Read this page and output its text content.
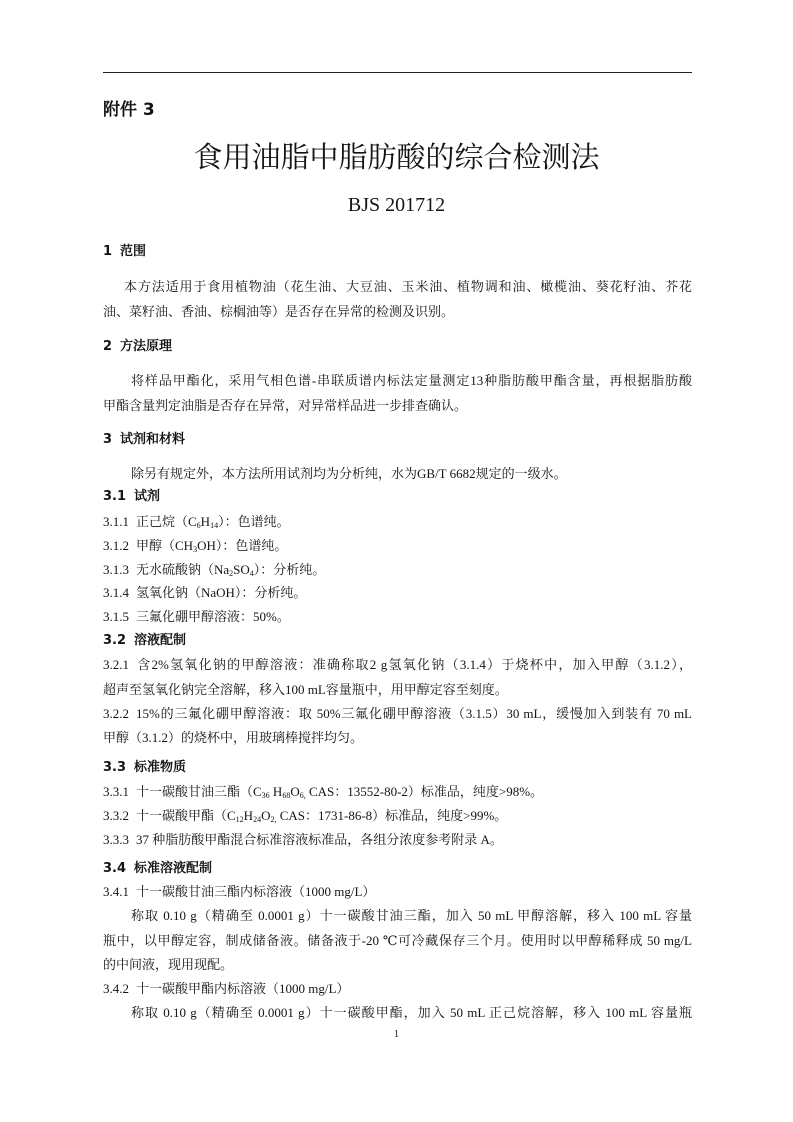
附件 3
食用油脂中脂肪酸的综合检测法
BJS 201712
1 范围
本方法适用于食用植物油（花生油、大豆油、玉米油、植物调和油、橄榄油、葵花籽油、芥花
油、菜籽油、香油、棕榈油等）是否存在异常的检测及识别。
2 方法原理
将样品甲酯化，采用气相色谱-串联质谱内标法定量测定13种脂肪酸甲酯含量，再根据脂肪酸
甲酯含量判定油脂是否存在异常，对异常样品进一步排查确认。
3 试剂和材料
除另有规定外，本方法所用试剂均为分析纯，水为GB/T 6682规定的一级水。
3.1 试剂
3.1.1 正己烷$(C_6H_{14})$：色谱纯。
3.1.2 甲醇$(CH_3OH)$：色谱纯。
3.1.3 无水硫酸钠$(Na_2SO_4)$：分析纯。
3.1.4 氢氧化钠（NaOH）：分析纯。
3.1.5 三氟化硼甲醇溶液：50%。
3.2 溶液配制
3.2.1 含2%氢氧化钠的甲醇溶液：准确称取2 g氢氧化钠（3.1.4）于烧杯中，加入甲醇（3.1.2），
超声至氢氧化钠完全溶解，移入100 mL容量瓶中，用甲醇定容至刻度。
3.2.2 15%的三氟化硼甲醇溶液：取 50%三氟化硼甲醇溶液（3.1.5）30 mL，缓慢加入到装有 70 mL
甲醇（3.1.2）的烧杯中，用玻璃棒搅拌均匀。
3.3 标准物质
3.3.1 十一碳酸甘油三酯（$C_{36}$ $H_{68}O_{6,}$ CAS：13552-80-2）标准品，纯度>98%。
3.3.2 十一碳酸甲酯（$C_{12}H_{24}O_{2,}$ CAS：1731-86-8）标准品，纯度>99%。
3.3.3 37 种脂肪酸甲酯混合标准溶液标准品，各组分浓度参考附录 A。
3.4 标准溶液配制
3.4.1 十一碳酸甘油三酯内标溶液（1000 mg/L）
称取 0.10 g（精确至 0.0001 g）十一碳酸甘油三酯，加入 50 mL 甲醇溶解，移入 100 mL 容量
瓶中，以甲醇定容，制成储备液。储备液于-20 ℃可冷藏保存三个月。使用时以甲醇稀释成 50 mg/L
的中间液，现用现配。
3.4.2 十一碳酸甲酯内标溶液（1000 mg/L）
称取 0.10 g（精确至 0.0001 g）十一碳酸甲酯，加入 50 mL 正己烷溶解，移入 100 mL 容量瓶
1
